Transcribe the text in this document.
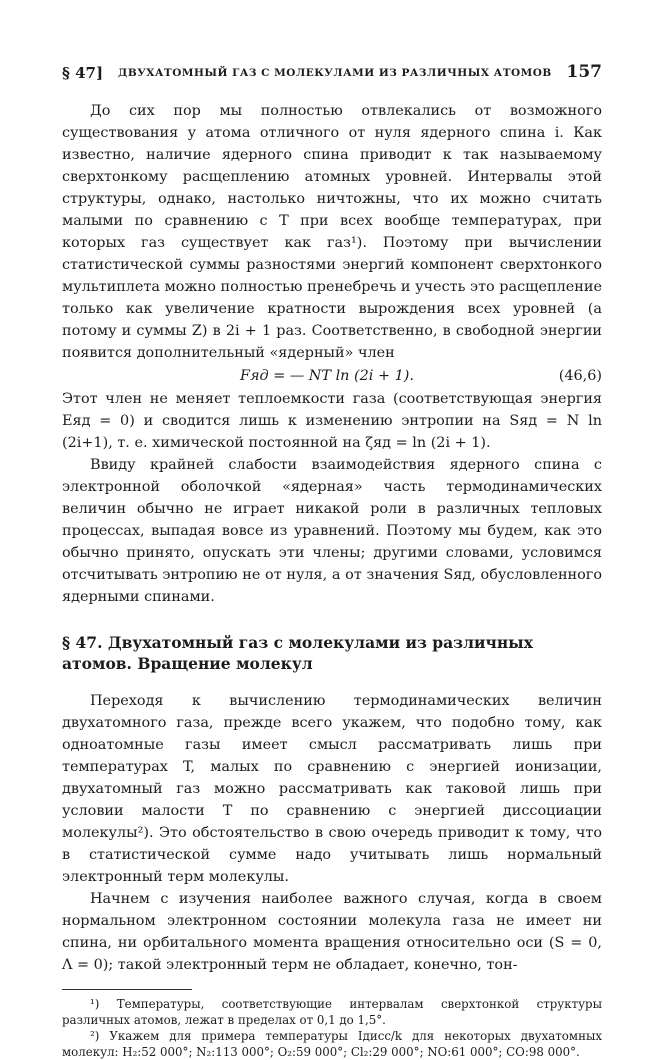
§ 47] ДВУХАТОМНЫЙ ГАЗ С МОЛЕКУЛАМИ ИЗ РАЗЛИЧНЫХ АТОМОВ 157

До сих пор мы полностью отвлекались от возможного существования у атома отличного от нуля ядерного спина i. Как известно, наличие ядерного спина приводит к так называемому сверхтонкому расщеплению атомных уровней. Интервалы этой структуры, однако, настолько ничтожны, что их можно считать малыми по сравнению с T при всех вообще температурах, при которых газ существует как газ¹). Поэтому при вычислении статистической суммы разностями энергий компонент сверхтонкого мультиплета можно полностью пренебречь и учесть это расщепление только как увеличение кратности вырождения всех уровней (а потому и суммы Z) в 2i + 1 раз. Соответственно, в свободной энергии появится дополнительный «ядерный» член

Fяд = — NT ln (2i + 1).	(46,6)

Этот член не меняет теплоемкости газа (соответствующая энергия Eяд = 0) и сводится лишь к изменению энтропии на Sяд = N ln (2i+1), т. е. химической постоянной на ζяд = ln (2i + 1).

Ввиду крайней слабости взаимодействия ядерного спина с электронной оболочкой «ядерная» часть термодинамических величин обычно не играет никакой роли в различных тепловых процессах, выпадая вовсе из уравнений. Поэтому мы будем, как это обычно принято, опускать эти члены; другими словами, условимся отсчитывать энтропию не от нуля, а от значения Sяд, обусловленного ядерными спинами.

§ 47. Двухатомный газ с молекулами из различных атомов. Вращение молекул

Переходя к вычислению термодинамических величин двухатомного газа, прежде всего укажем, что подобно тому, как одноатомные газы имеет смысл рассматривать лишь при температурах T, малых по сравнению с энергией ионизации, двухатомный газ можно рассматривать как таковой лишь при условии малости T по сравнению с энергией диссоциации молекулы²). Это обстоятельство в свою очередь приводит к тому, что в статистической сумме надо учитывать лишь нормальный электронный терм молекулы.

Начнем с изучения наиболее важного случая, когда в своем нормальном электронном состоянии молекула газа не имеет ни спина, ни орбитального момента вращения относительно оси (S = 0, Λ = 0); такой электронный терм не обладает, конечно, тон-

¹) Температуры, соответствующие интервалам сверхтонкой структуры различных атомов, лежат в пределах от 0,1 до 1,5°.

²) Укажем для примера температуры Iдисс/k для некоторых двухатомных молекул: H₂:52 000°; N₂:113 000°; O₂:59 000°; Cl₂:29 000°; NO:61 000°; CO:98 000°.
